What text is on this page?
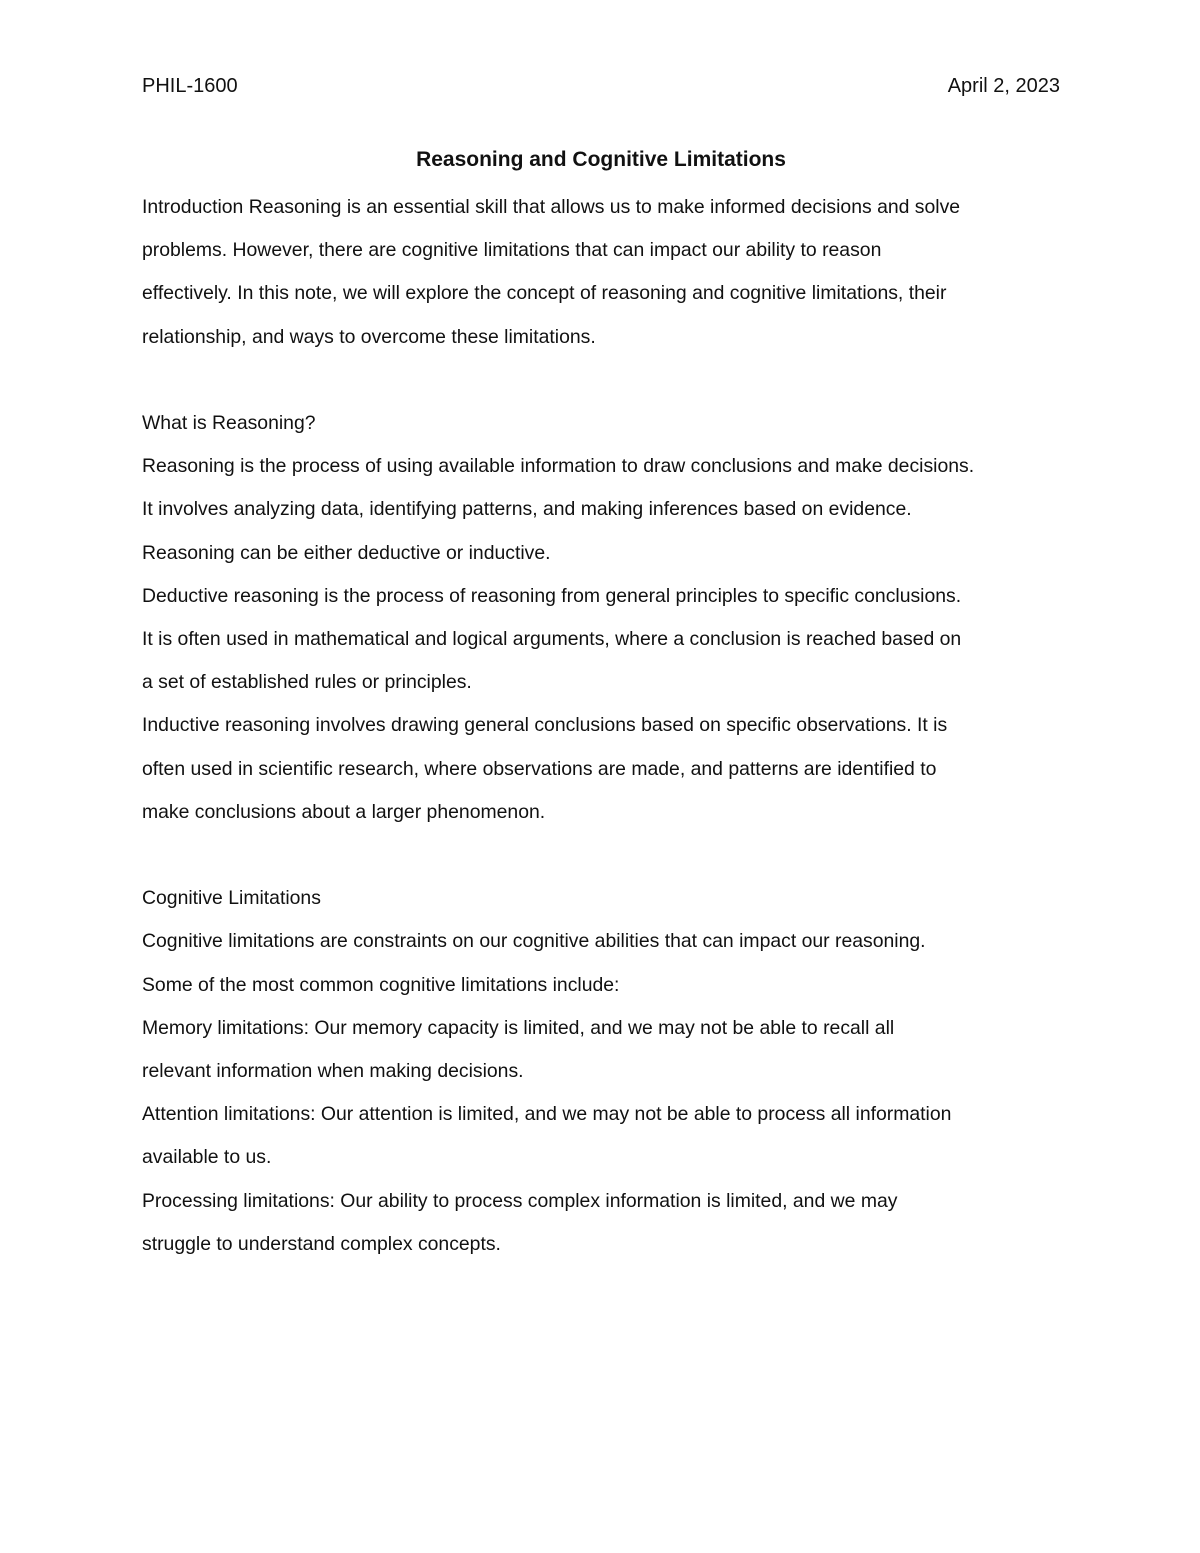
PHIL-1600	April 2, 2023
Reasoning and Cognitive Limitations

Introduction Reasoning is an essential skill that allows us to make informed decisions and solve

problems. However, there are cognitive limitations that can impact our ability to reason

effectively. In this note, we will explore the concept of reasoning and cognitive limitations, their

relationship, and ways to overcome these limitations.

What is Reasoning?

Reasoning is the process of using available information to draw conclusions and make decisions.

It involves analyzing data, identifying patterns, and making inferences based on evidence.

Reasoning can be either deductive or inductive.

Deductive reasoning is the process of reasoning from general principles to specific conclusions.

It is often used in mathematical and logical arguments, where a conclusion is reached based on

a set of established rules or principles.

Inductive reasoning involves drawing general conclusions based on specific observations. It is

often used in scientific research, where observations are made, and patterns are identified to

make conclusions about a larger phenomenon.

Cognitive Limitations

Cognitive limitations are constraints on our cognitive abilities that can impact our reasoning.

Some of the most common cognitive limitations include:

Memory limitations: Our memory capacity is limited, and we may not be able to recall all

relevant information when making decisions.

Attention limitations: Our attention is limited, and we may not be able to process all information

available to us.

Processing limitations: Our ability to process complex information is limited, and we may

struggle to understand complex concepts.
